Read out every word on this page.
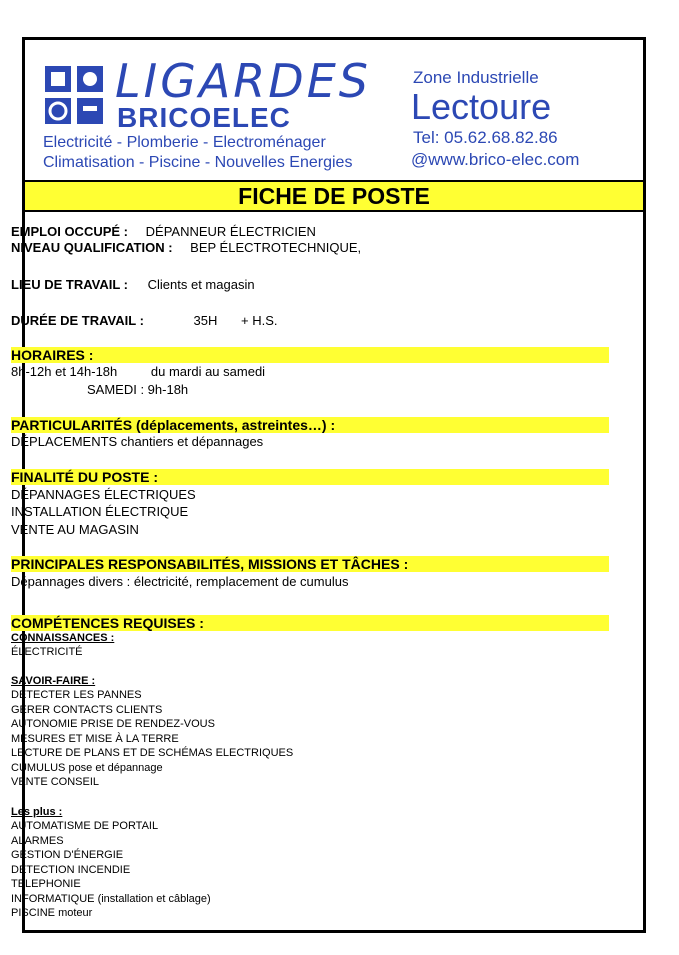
LIGARDES
BRICOELEC
Electricité - Plomberie - Electroménager
Climatisation - Piscine - Nouvelles Energies
Zone Industrielle
Lectoure
Tel: 05.62.68.82.86
@www.brico-elec.com
FICHE DE POSTE
EMPLOI OCCUPÉ : DÉPANNEUR ÉLECTRICIEN
NIVEAU QUALIFICATION : BEP ÉLECTROTECHNIQUE,
LIEU DE TRAVAIL : Clients et magasin
DURÉE DE TRAVAIL :	35H + H.S.
HORAIRES :
8h-12h et 14h-18h	du mardi au samedi
SAMEDI : 9h-18h
PARTICULARITÉS (déplacements, astreintes…) :
DÉPLACEMENTS chantiers et dépannages
FINALITÉ DU POSTE :
DÉPANNAGES ÉLECTRIQUES
INSTALLATION ÉLECTRIQUE
VENTE AU MAGASIN
PRINCIPALES RESPONSABILITÉS, MISSIONS ET TÂCHES :
Dépannages divers : électricité, remplacement de cumulus
COMPÉTENCES REQUISES :
CONNAISSANCES :
ÉLECTRICITÉ
SAVOIR-FAIRE :
DÉTECTER LES PANNES
GÉRER CONTACTS CLIENTS
AUTONOMIE PRISE DE RENDEZ-VOUS
MESURES ET MISE À LA TERRE
LECTURE DE PLANS ET DE SCHÉMAS ELECTRIQUES
CUMULUS pose et dépannage
VENTE CONSEIL
Les plus :
AUTOMATISME DE PORTAIL
ALARMES
GESTION D'ÉNERGIE
DÉTECTION INCENDIE
TELEPHONIE
INFORMATIQUE (installation et câblage)
PISCINE moteur
